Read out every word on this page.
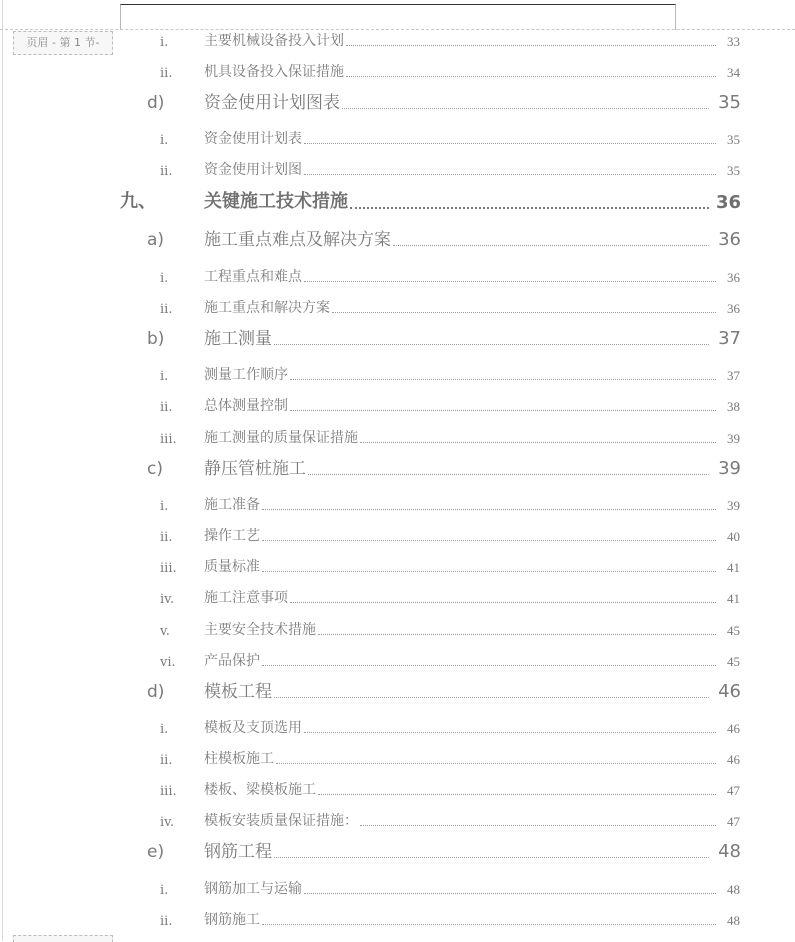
页眉 - 第 1 节-	i.	主要机械设备投入计划	33
ii. 机具设备投入保证措施	34
d) 资金使用计划图表	35
i.	资金使用计划表	35
ii. 资金使用计划图	35
九、	关键施工技术措施	36
a) 施工重点难点及解决方案	36
i.	工程重点和难点	36
ii. 施工重点和解决方案	36
b) 施工测量	37
i.	测量工作顺序	37
ii. 总体测量控制	38
iii. 施工测量的质量保证措施	39
c) 静压管桩施工	39
i.	施工准备	39
ii. 操作工艺	40
iii. 质量标准	41
iv. 施工注意事项	41
v. 主要安全技术措施	45
vi. 产品保护	45
d) 模板工程	46
i.	模板及支顶选用	46
ii. 柱模板施工	46
iii. 楼板、梁模板施工	47
iv. 模板安装质量保证措施：	47
e) 钢筋工程	48
i.	钢筋加工与运输	48
ii. 钢筋施工	48
